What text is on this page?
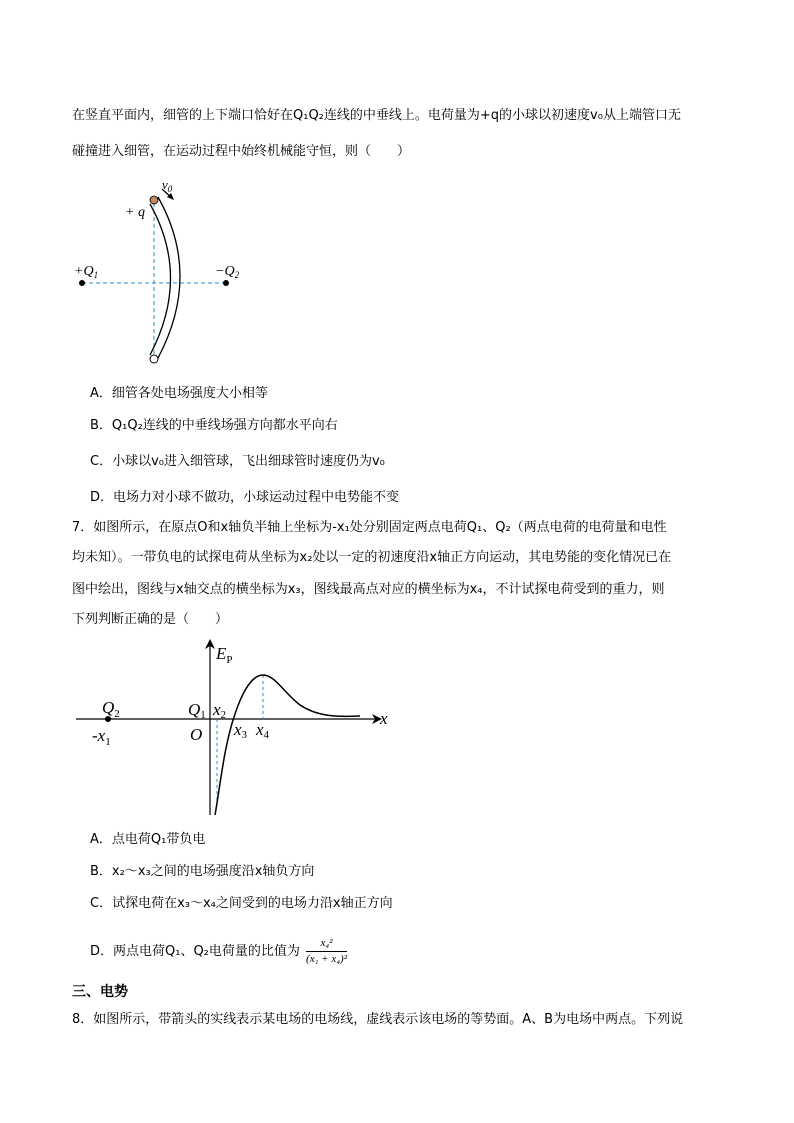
在竖直平面内，细管的上下端口恰好在Q₁Q₂连线的中垂线上。电荷量为+q的小球以初速度v₀从上端管口无
碰撞进入细管，在运动过程中始终机械能守恒，则（　　）
$v_0$
+ q
$+Q_1$	$-Q_2$
A．细管各处电场强度大小相等
B．Q₁Q₂连线的中垂线场强方向都水平向右
C．小球以v₀进入细管球，飞出细球管时速度仍为v₀
D．电场力对小球不做功，小球运动过程中电势能不变
7．如图所示，在原点O和x轴负半轴上坐标为-x₁处分别固定两点电荷Q₁、Q₂（两点电荷的电荷量和电性
均未知）。一带负电的试探电荷从坐标为x₂处以一定的初速度沿x轴正方向运动，其电势能的变化情况已在
图中绘出，图线与x轴交点的横坐标为x₃，图线最高点对应的横坐标为x₄，不计试探电荷受到的重力，则
下列判断正确的是（　　）
$E_P$
x
$Q_2$
$-x_1$
Q1 x2
O x3 x4
A．点电荷Q₁带负电
B．x₂～x₃之间的电场强度沿x轴负方向
C．试探电荷在x₃～x₄之间受到的电场力沿x轴正方向
D．两点电荷Q₁、Q₂电荷量的比值为 $\frac{\text{x₄²}}{\text{(x₁ + x₄)²}}$
三、电势
8．如图所示，带箭头的实线表示某电场的电场线，虚线表示该电场的等势面。A、B为电场中两点。下列说
